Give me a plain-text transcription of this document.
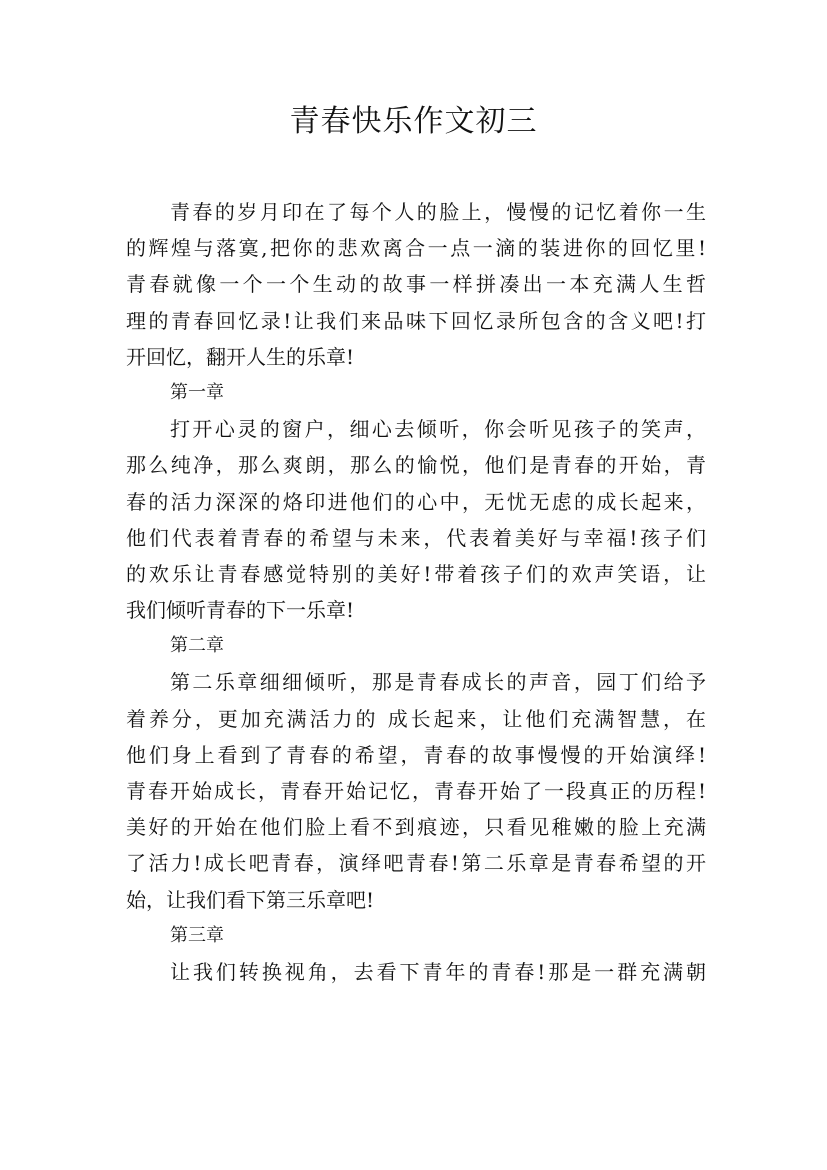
青春快乐作文初三
青春的岁月印在了每个人的脸上，慢慢的记忆着你一生
的辉煌与落寞,把你的悲欢离合一点一滴的装进你的回忆里!
青春就像一个一个生动的故事一样拼凑出一本充满人生哲
理的青春回忆录!让我们来品味下回忆录所包含的含义吧!打
开回忆，翻开人生的乐章!
第一章
打开心灵的窗户，细心去倾听，你会听见孩子的笑声，
那么纯净，那么爽朗，那么的愉悦，他们是青春的开始，青
春的活力深深的烙印进他们的心中，无忧无虑的成长起来，
他们代表着青春的希望与未来，代表着美好与幸福!孩子们
的欢乐让青春感觉特别的美好!带着孩子们的欢声笑语，让
我们倾听青春的下一乐章!
第二章
第二乐章细细倾听，那是青春成长的声音，园丁们给予
着养分，更加充满活力的 成长起来，让他们充满智慧，在
他们身上看到了青春的希望，青春的故事慢慢的开始演绎!
青春开始成长，青春开始记忆，青春开始了一段真正的历程!
美好的开始在他们脸上看不到痕迹，只看见稚嫩的脸上充满
了活力!成长吧青春，演绎吧青春!第二乐章是青春希望的开
始，让我们看下第三乐章吧!
第三章
让我们转换视角，去看下青年的青春!那是一群充满朝
